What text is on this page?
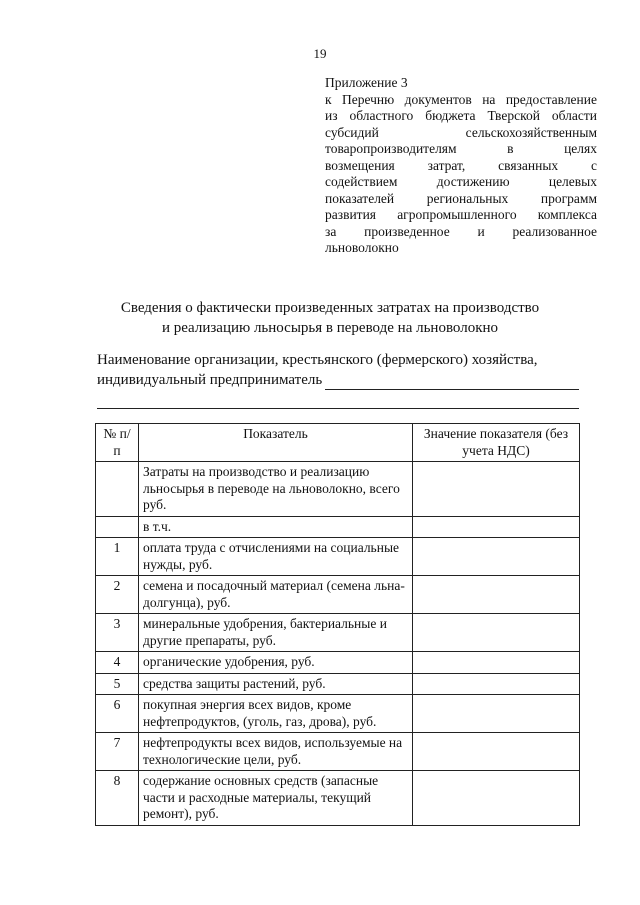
19
Приложение 3
к Перечню документов на предоставление
из областного бюджета Тверской области
субсидий	сельскохозяйственным
товаропроизводителям	в	целях
возмещения затрат, связанных с
содействием	достижению	целевых
показателей региональных программ
развития агропромышленного комплекса
за произведенное и реализованное
льноволокно
Сведения о фактически произведенных затратах на производство
и реализацию льносырья в переводе на льноволокно
Наименование организации, крестьянского (фермерского) хозяйства,
индивидуальный предприниматель
№ п/п	Показатель	Значение показателя (без учета НДС)
	Затраты на производство и реализацию льносырья в переводе на льноволокно, всего руб.	
	в т.ч.	
1	оплата труда с отчислениями на социальные нужды, руб.	
2	семена и посадочный материал (семена льна-долгунца), руб.	
3	минеральные удобрения, бактериальные и другие препараты, руб.	
4	органические удобрения, руб.	
5	средства защиты растений, руб.	
6	покупная энергия всех видов, кроме нефтепродуктов, (уголь, газ, дрова), руб.	
7	нефтепродукты всех видов, используемые на технологические цели, руб.	
8	содержание основных средств (запасные части и расходные материалы, текущий ремонт), руб.	
